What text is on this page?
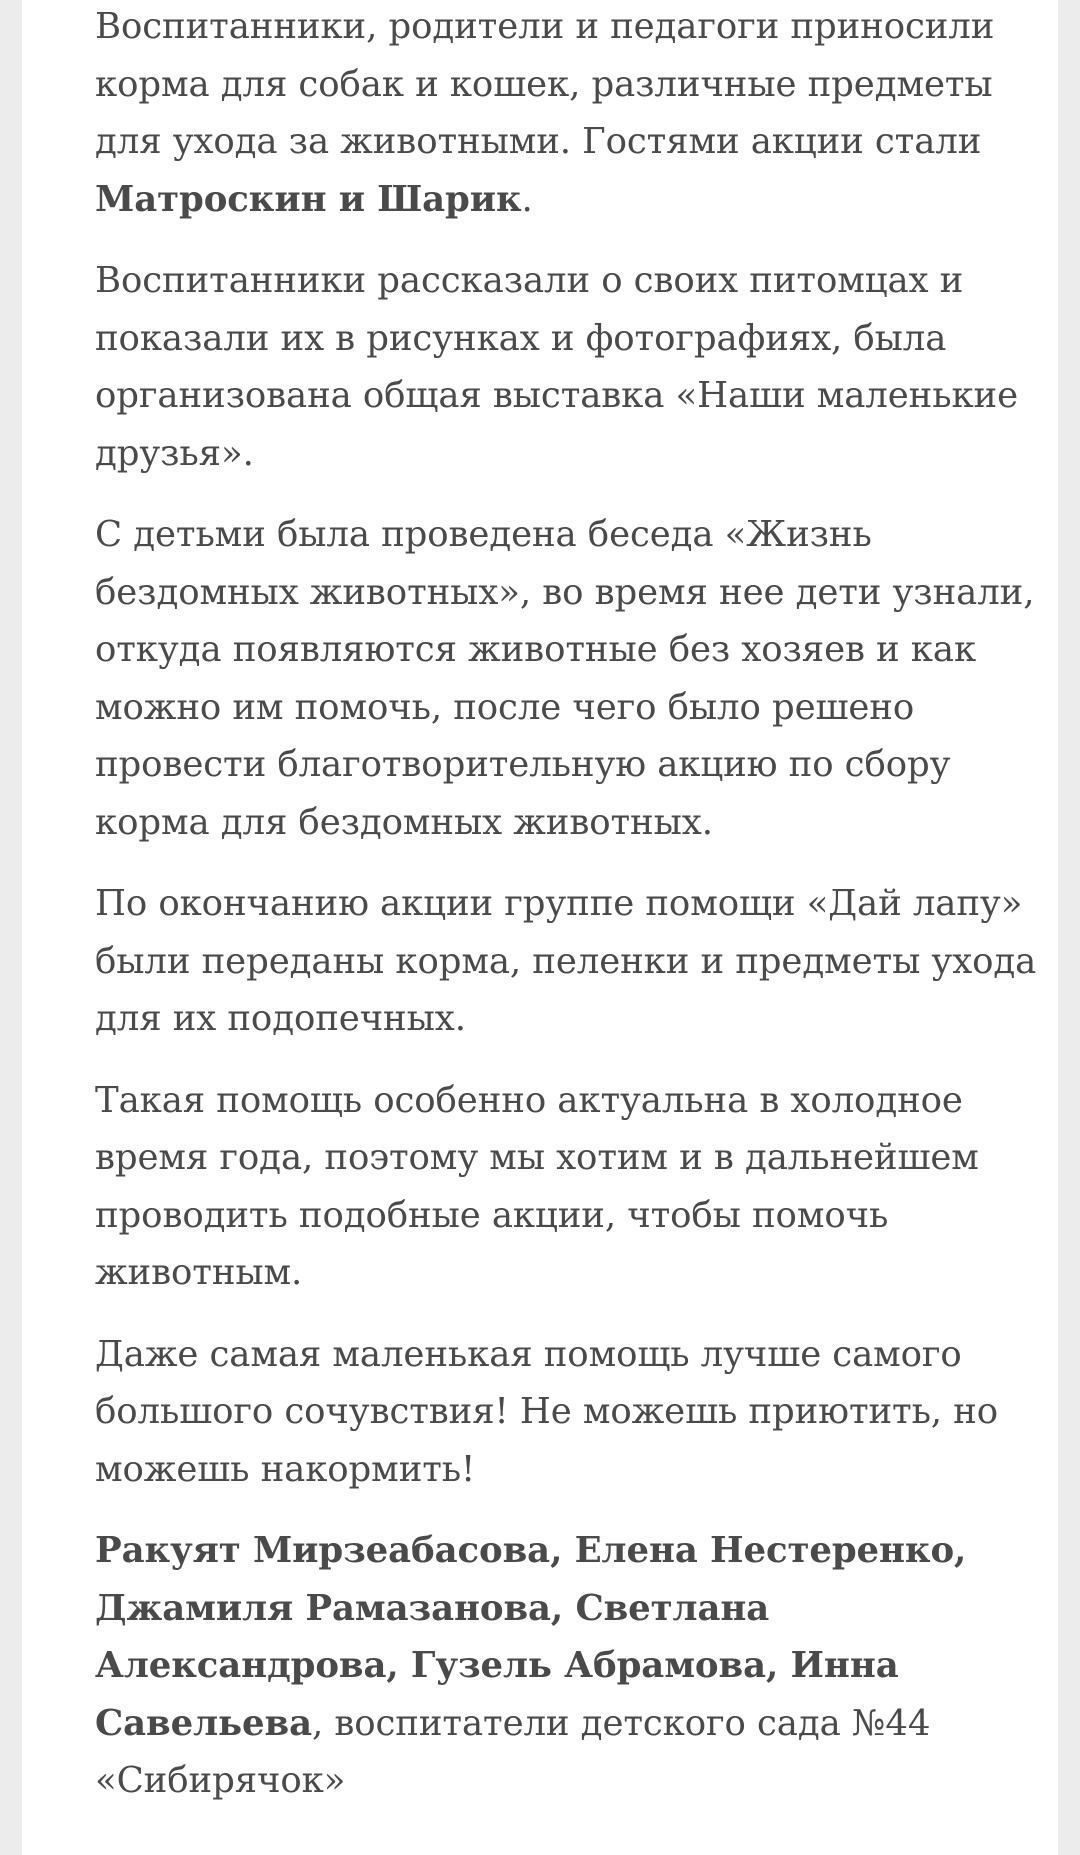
Воспитанники, родители и педагоги приносили корма для собак и кошек, различные предметы для ухода за животными. Гостями акции стали Матроскин и Шарик.

Воспитанники рассказали о своих питомцах и показали их в рисунках и фотографиях, была организована общая выставка «Наши маленькие друзья».

С детьми была проведена беседа «Жизнь бездомных животных», во время нее дети узнали, откуда появляются животные без хозяев и как можно им помочь, после чего было решено провести благотворительную акцию по сбору корма для бездомных животных.

По окончанию акции группе помощи «Дай лапу» были переданы корма, пеленки и предметы ухода для их подопечных.

Такая помощь особенно актуальна в холодное время года, поэтому мы хотим и в дальнейшем проводить подобные акции, чтобы помочь животным.

Даже самая маленькая помощь лучше самого большого сочувствия! Не можешь приютить, но можешь накормить!

Ракуят Мирзеабасова, Елена Нестеренко, Джамиля Рамазанова, Светлана Александрова, Гузель Абрамова, Инна Савельева, воспитатели детского сада №44 «Сибирячок»
